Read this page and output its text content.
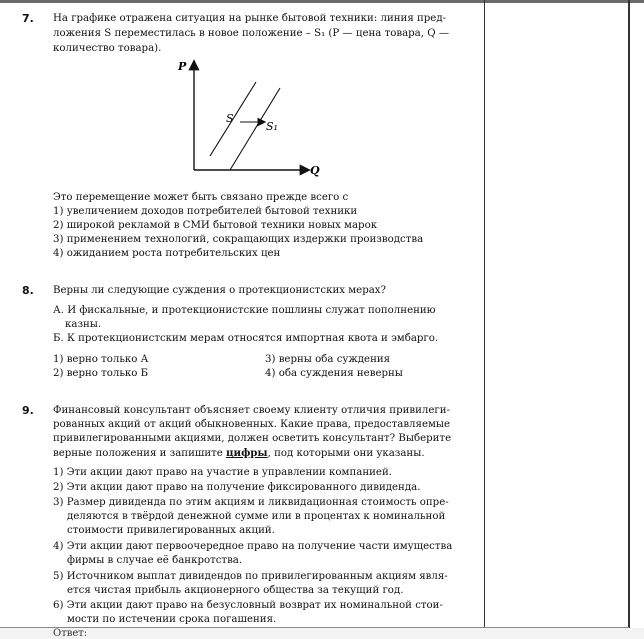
7. На графике отражена ситуация на рынке бытовой техники: линия пред-
ложения S переместилась в новое положение – S₁ (P — цена товара, Q —
количество товара).
P
Q
S
S₁
Это перемещение может быть связано прежде всего с
1) увеличением доходов потребителей бытовой техники
2) широкой рекламой в СМИ бытовой техники новых марок
3) применением технологий, сокращающих издержки производства
4) ожиданием роста потребительских цен
8. Верны ли следующие суждения о протекционистских мерах?
А. И фискальные, и протекционистские пошлины служат пополнению
казны.
Б. К протекционистским мерам относятся импортная квота и эмбарго.
1) верно только А
2) верно только Б
3) верны оба суждения
4) оба суждения неверны
9. Финансовый консультант объясняет своему клиенту отличия привилеги-
рованных акций от акций обыкновенных. Какие права, предоставляемые
привилегированными акциями, должен осветить консультант? Выберите
верные положения и запишите цифры, под которыми они указаны.
1) Эти акции дают право на участие в управлении компанией.
2) Эти акции дают право на получение фиксированного дивиденда.
3) Размер дивиденда по этим акциям и ликвидационная стоимость опре-
деляются в твёрдой денежной сумме или в процентах к номинальной
стоимости привилегированных акций.
4) Эти акции дают первоочередное право на получение части имущества
фирмы в случае её банкротства.
5) Источником выплат дивидендов по привилегированным акциям явля-
ется чистая прибыль акционерного общества за текущий год.
6) Эти акции дают право на безусловный возврат их номинальной стои-
мости по истечении срока погашения.
Ответ:
